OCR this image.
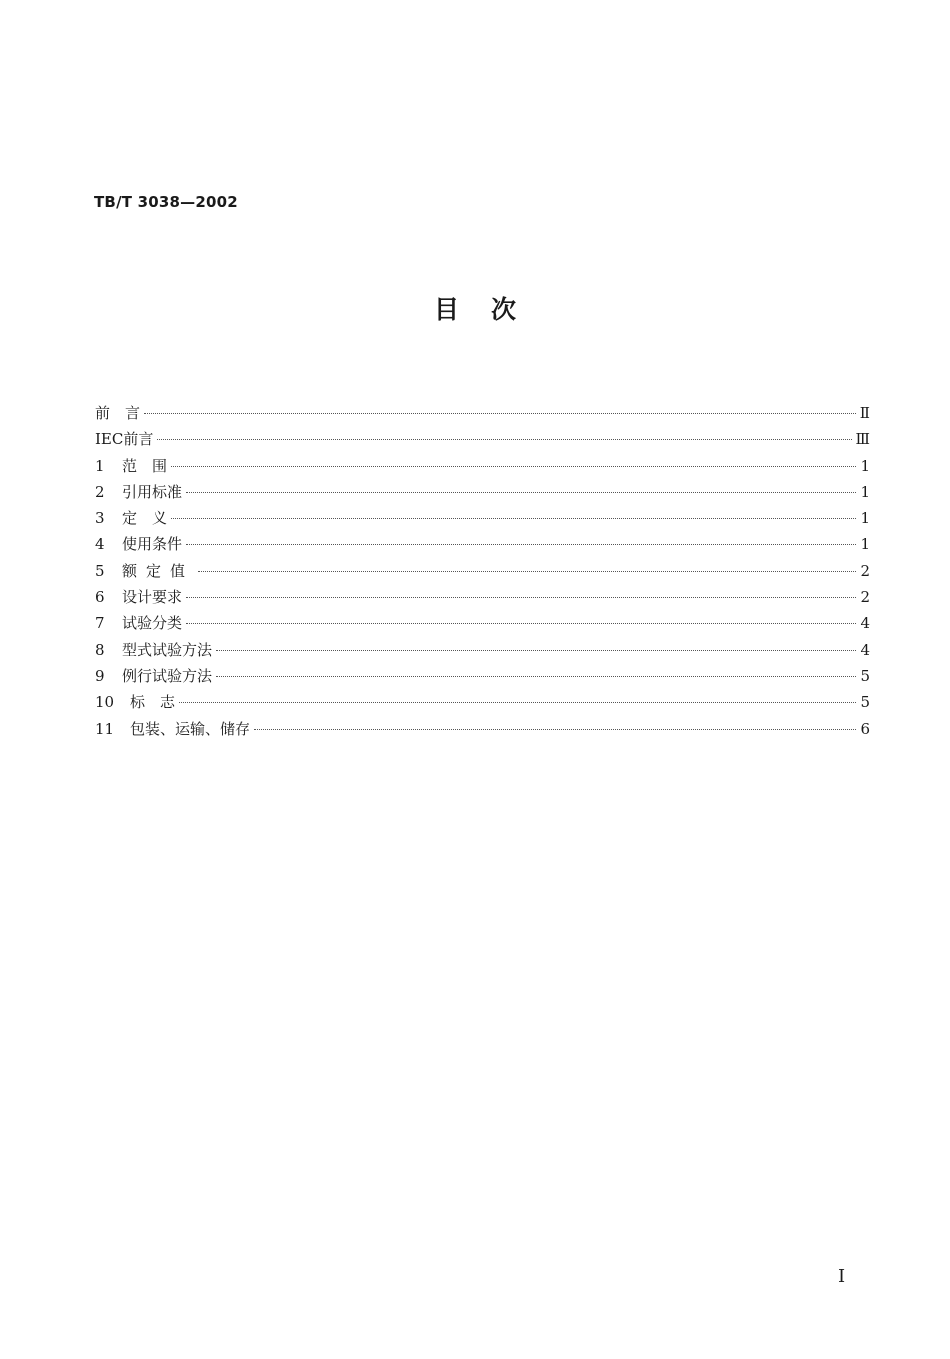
TB/T 3038—2002
目 次
前　言	Ⅱ
IEC前言	Ⅲ
1	范　围	1
2	引用标准	1
3	定　义	1
4	使用条件	1
5	额定值	2
6	设计要求	2
7	试验分类	4
8	型式试验方法	4
9	例行试验方法	5
10	标　志	5
11	包装、运输、储存	6
Ⅰ
